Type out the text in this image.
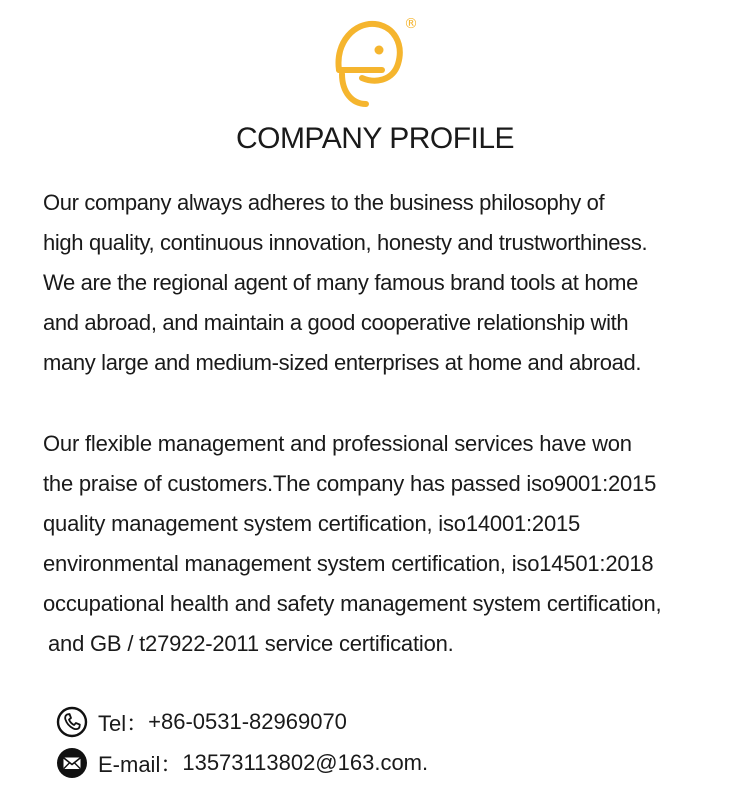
®
COMPANY PROFILE

Our company always adheres to the business philosophy of
high quality, continuous innovation, honesty and trustworthiness.
We are the regional agent of many famous brand tools at home
and abroad, and maintain a good cooperative relationship with
many large and medium-sized enterprises at home and abroad.

Our flexible management and professional services have won
the praise of customers.The company has passed iso9001:2015
quality management system certification, iso14001:2015
environmental management system certification, iso14501:2018
occupational health and safety management system certification,
and GB / t27922-2011 service certification.

Tel： +86-0531-82969070
E-mail： 13573113802@163.com.
